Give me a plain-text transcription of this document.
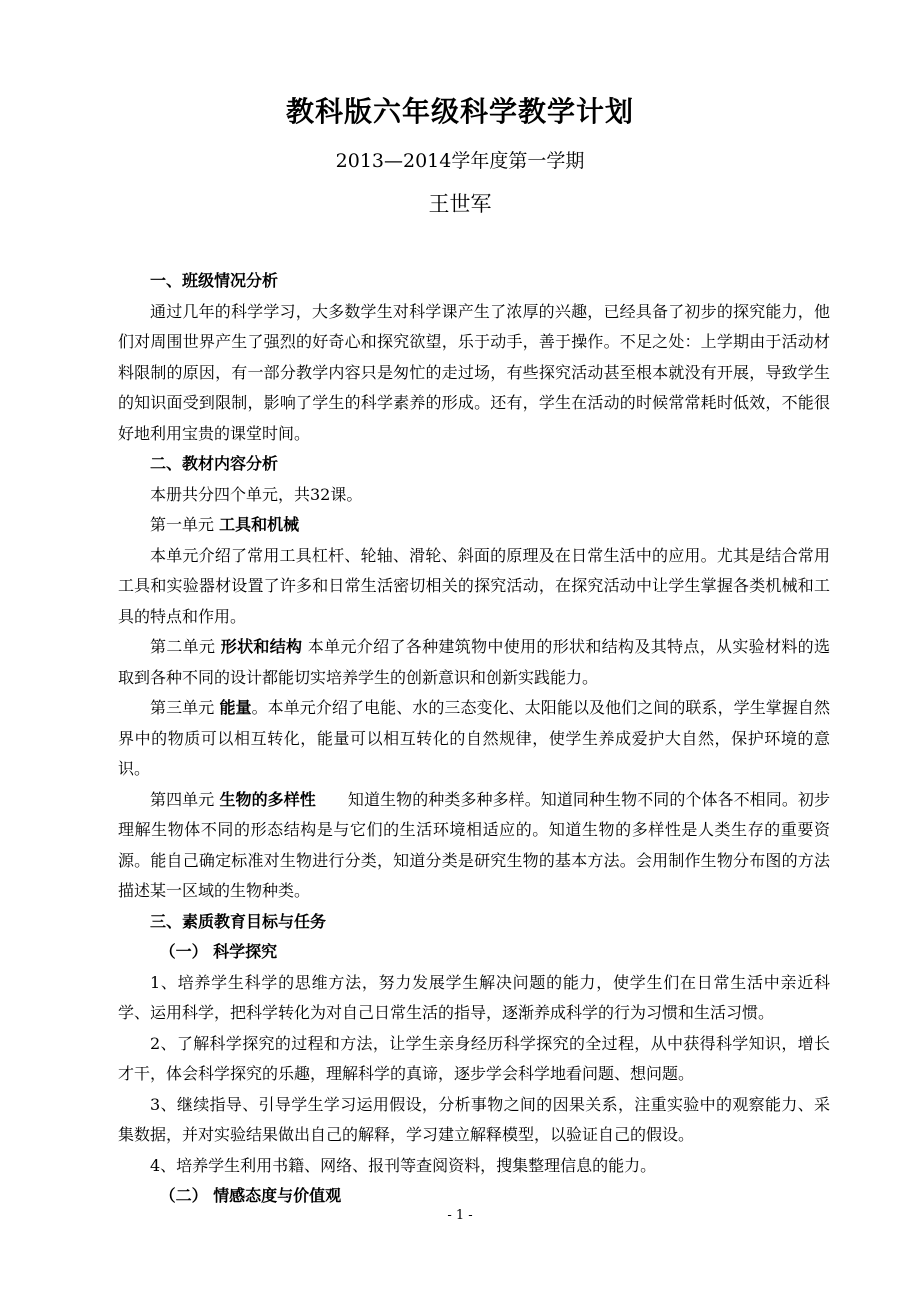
教科版六年级科学教学计划
2013—2014学年度第一学期
王世军

一、班级情况分析

通过几年的科学学习，大多数学生对科学课产生了浓厚的兴趣，已经具备了初步的探究能力，他们对周围世界产生了强烈的好奇心和探究欲望，乐于动手，善于操作。不足之处：上学期由于活动材料限制的原因，有一部分教学内容只是匆忙的走过场，有些探究活动甚至根本就没有开展，导致学生的知识面受到限制，影响了学生的科学素养的形成。还有，学生在活动的时候常常耗时低效，不能很好地利用宝贵的课堂时间。

二、教材内容分析

本册共分四个单元，共32课。

第一单元 工具和机械

本单元介绍了常用工具杠杆、轮轴、滑轮、斜面的原理及在日常生活中的应用。尤其是结合常用工具和实验器材设置了许多和日常生活密切相关的探究活动，在探究活动中让学生掌握各类机械和工具的特点和作用。

第二单元 形状和结构 本单元介绍了各种建筑物中使用的形状和结构及其特点，从实验材料的选取到各种不同的设计都能切实培养学生的创新意识和创新实践能力。

第三单元 能量。本单元介绍了电能、水的三态变化、太阳能以及他们之间的联系，学生掌握自然界中的物质可以相互转化，能量可以相互转化的自然规律，使学生养成爱护大自然，保护环境的意识。

第四单元 生物的多样性 知道生物的种类多种多样。知道同种生物不同的个体各不相同。初步理解生物体不同的形态结构是与它们的生活环境相适应的。知道生物的多样性是人类生存的重要资源。能自己确定标准对生物进行分类，知道分类是研究生物的基本方法。会用制作生物分布图的方法描述某一区域的生物种类。

三、素质教育目标与任务

（一） 科学探究

1、培养学生科学的思维方法，努力发展学生解决问题的能力，使学生们在日常生活中亲近科学、运用科学，把科学转化为对自己日常生活的指导，逐渐养成科学的行为习惯和生活习惯。

2、了解科学探究的过程和方法，让学生亲身经历科学探究的全过程，从中获得科学知识，增长才干，体会科学探究的乐趣，理解科学的真谛，逐步学会科学地看问题、想问题。

3、继续指导、引导学生学习运用假设，分析事物之间的因果关系，注重实验中的观察能力、采集数据，并对实验结果做出自己的解释，学习建立解释模型，以验证自己的假设。

4、培养学生利用书籍、网络、报刊等查阅资料，搜集整理信息的能力。

（二） 情感态度与价值观

- 1 -
